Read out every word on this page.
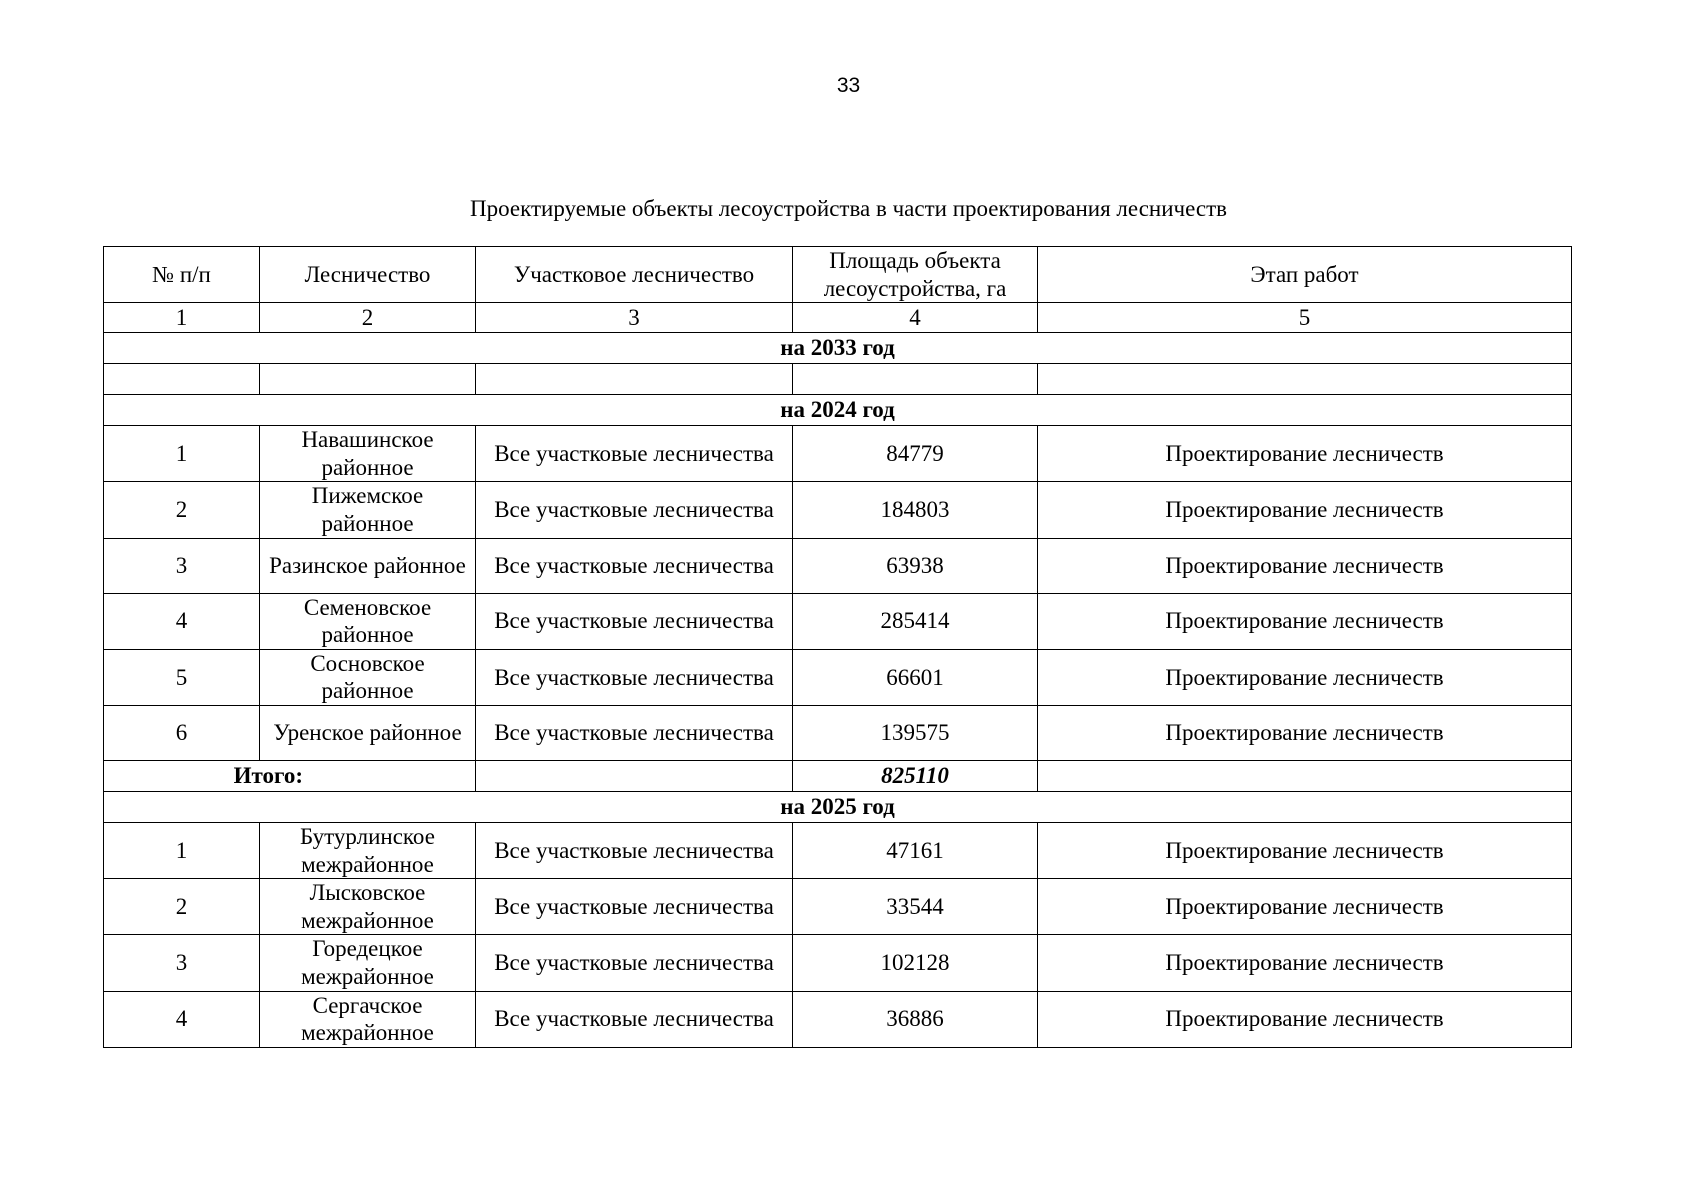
33
Проектируемые объекты лесоустройства в части проектирования лесничеств
№ п/п	Лесничество	Участковое лесничество	Площадь объекта лесоустройства, га	Этап работ
1	2	3	4	5
на 2033 год				

на 2024 год				
1	Навашинское районное	Все участковые лесничества	84779	Проектирование лесничеств
2	Пижемское районное	Все участковые лесничества	184803	Проектирование лесничеств
3	Разинское районное	Все участковые лесничества	63938	Проектирование лесничеств
4	Семеновское районное	Все участковые лесничества	285414	Проектирование лесничеств
5	Сосновское районное	Все участковые лесничества	66601	Проектирование лесничеств
6	Уренское районное	Все участковые лесничества	139575	Проектирование лесничеств
Итого:			825110	
на 2025 год				
1	Бутурлинское межрайонное	Все участковые лесничества	47161	Проектирование лесничеств
2	Лысковское межрайонное	Все участковые лесничества	33544	Проектирование лесничеств
3	Горедецкое межрайонное	Все участковые лесничества	102128	Проектирование лесничеств
4	Сергачское межрайонное	Все участковые лесничества	36886	Проектирование лесничеств
